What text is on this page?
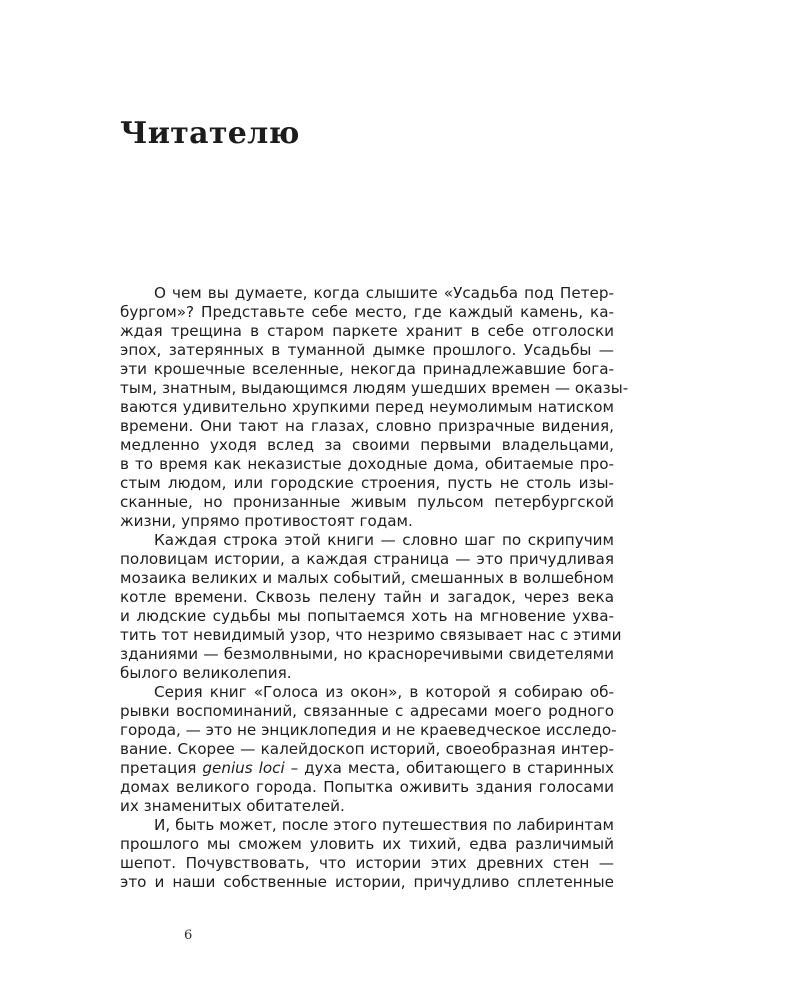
Читателю
О чем вы думаете, когда слышите «Усадьба под Петер-
бургом»? Представьте себе место, где каждый камень, ка-
ждая трещина в старом паркете хранит в себе отголоски
эпох, затерянных в туманной дымке прошлого. Усадьбы —
эти крошечные вселенные, некогда принадлежавшие бога-
тым, знатным, выдающимся людям ушедших времен — оказы-
ваются удивительно хрупкими перед неумолимым натиском
времени. Они тают на глазах, словно призрачные видения,
медленно уходя вслед за своими первыми владельцами,
в то время как неказистые доходные дома, обитаемые про-
стым людом, или городские строения, пусть не столь изы-
сканные, но пронизанные живым пульсом петербургской
жизни, упрямо противостоят годам.
Каждая строка этой книги — словно шаг по скрипучим
половицам истории, а каждая страница — это причудливая
мозаика великих и малых событий, смешанных в волшебном
котле времени. Сквозь пелену тайн и загадок, через века
и людские судьбы мы попытаемся хоть на мгновение ухва-
тить тот невидимый узор, что незримо связывает нас с этими
зданиями — безмолвными, но красноречивыми свидетелями
былого великолепия.
Серия книг «Голоса из окон», в которой я собираю об-
рывки воспоминаний, связанные с адресами моего родного
города, — это не энциклопедия и не краеведческое исследо-
вание. Скорее — калейдоскоп историй, своеобразная интер-
претация genius loci – духа места, обитающего в старинных
домах великого города. Попытка оживить здания голосами
их знаменитых обитателей.
И, быть может, после этого путешествия по лабиринтам
прошлого мы сможем уловить их тихий, едва различимый
шепот. Почувствовать, что истории этих древних стен —
это и наши собственные истории, причудливо сплетенные
6
